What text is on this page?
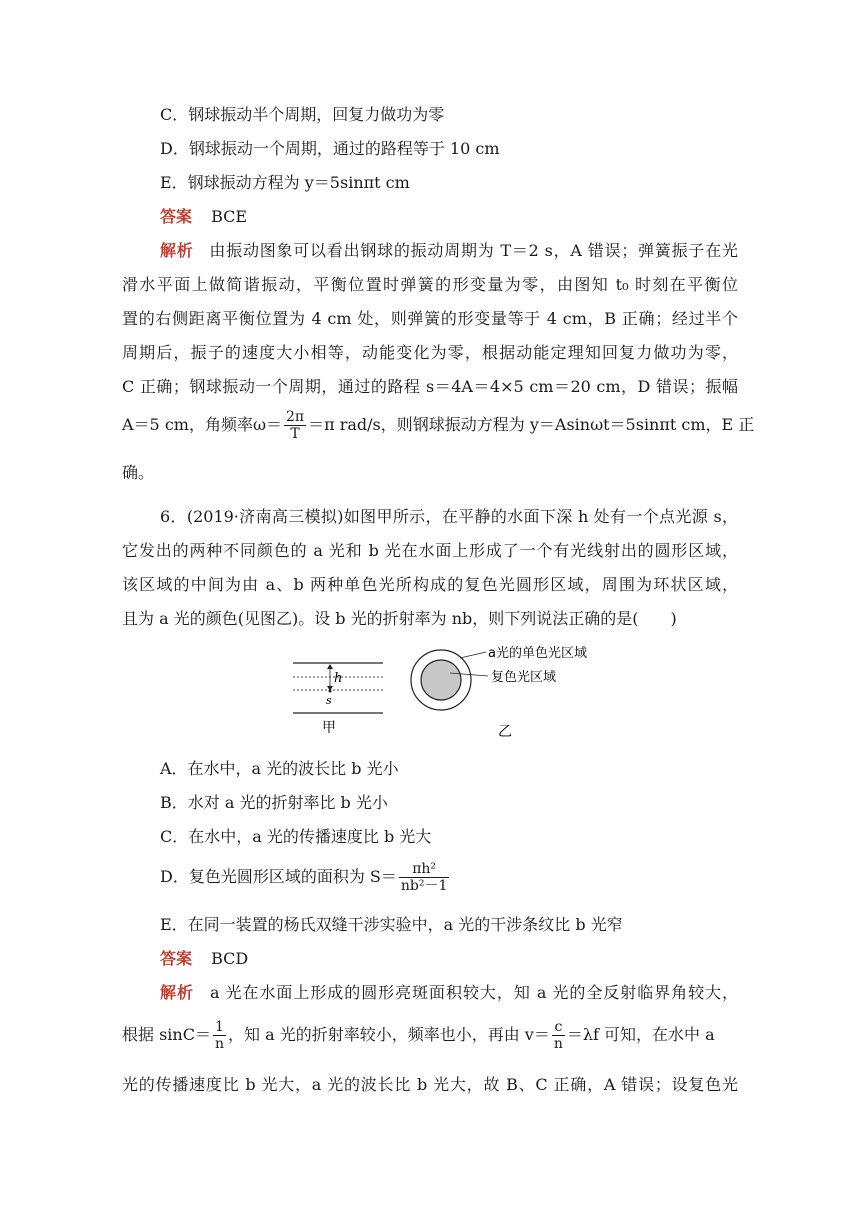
C．钢球振动半个周期，回复力做功为零
D．钢球振动一个周期，通过的路程等于 10 cm
E．钢球振动方程为 y＝5sinπt cm
答案 BCE
解析 由振动图象可以看出钢球的振动周期为 T＝2 s，A 错误；弹簧振子在光
滑水平面上做简谐振动，平衡位置时弹簧的形变量为零，由图知 t₀ 时刻在平衡位
置的右侧距离平衡位置为 4 cm 处，则弹簧的形变量等于 4 cm，B 正确；经过半个
周期后，振子的速度大小相等，动能变化为零，根据动能定理知回复力做功为零，
C 正确；钢球振动一个周期，通过的路程 s＝4A＝4×5 cm＝20 cm，D 错误；振幅
A＝5 cm，角频率$\omega= \frac{2\pi}{T} =\pi$ rad/s，则钢球振动方程为 y＝Asinωt＝5sinπt cm，E 正
确。
6．(2019·济南高三模拟)如图甲所示，在平静的水面下深 h 处有一个点光源 s，
它发出的两种不同颜色的 a 光和 b 光在水面上形成了一个有光线射出的圆形区域，
该区域的中间为由 a、b 两种单色光所构成的复色光圆形区域，周围为环状区域，
且为 a 光的颜色(见图乙)。设 b 光的折射率为 nb，则下列说法正确的是(　　)
h
s
甲
a光的单色光区域
复色光区域
乙
A．在水中，a 光的波长比 b 光小
B．水对 a 光的折射率比 b 光小
C．在水中，a 光的传播速度比 b 光大
D．复色光圆形区域的面积为 $S= \frac{\text{πh²}}{\text{nb²－1}}$
E．在同一装置的杨氏双缝干涉实验中，a 光的干涉条纹比 b 光窄
答案 BCD
解析 a 光在水面上形成的圆形亮斑面积较大，知 a 光的全反射临界角较大，
根据 $\sin C= \frac{1}{n}$ ，知 a 光的折射率较小，频率也小，再由 $v= \frac{c}{n} =\lambda f$ 可知，在水中 a
光的传播速度比 b 光大，a 光的波长比 b 光大，故 B、C 正确，A 错误；设复色光
